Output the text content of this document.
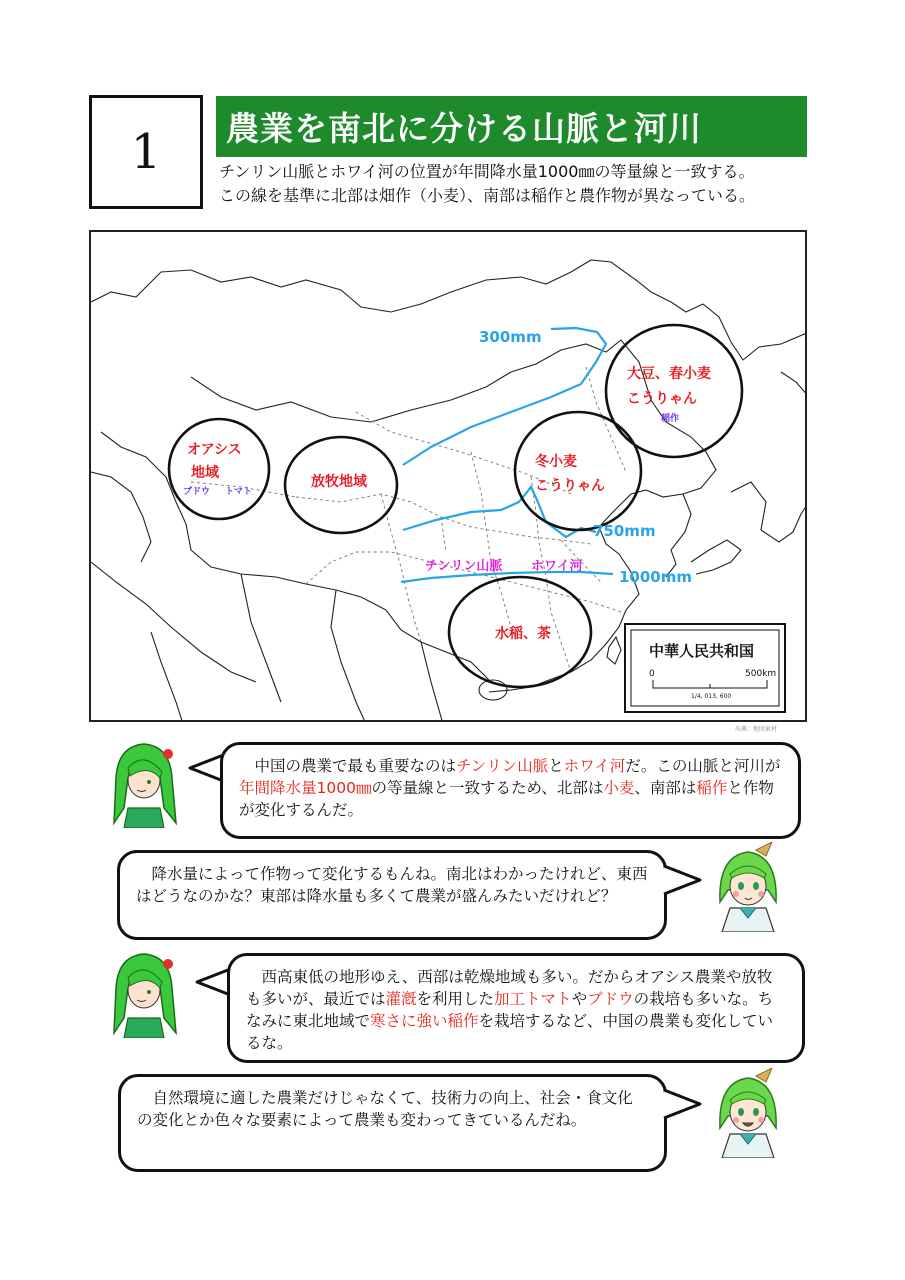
1	農業を南北に分ける山脈と河川
チンリン山脈とホワイ河の位置が年間降水量1000㎜の等量線と一致する。
この線を基準に北部は畑作（小麦）、南部は稲作と農作物が異なっている。
中華人民共和国
0	500km
1/4, 013, 600
300mm
750mm
1000mm
オアシス
地域
ブドウ トマト
放牧地域
大豆、春小麦
こうりゃん
稲作
冬小麦
こうりゃん
水稲、茶
チンリン山脈 ホワイ河
出典：地図素材

中国の農業で最も重要なのはチンリン山脈とホワイ河だ。この山脈と河川が年間降水量1000㎜の等量線と一致するため、北部は小麦、南部は稲作と作物が変化するんだ。

降水量によって作物って変化するもんね。南北はわかったけれど、東西はどうなのかな？東部は降水量も多くて農業が盛んみたいだけれど？

西高東低の地形ゆえ、西部は乾燥地域も多い。だからオアシス農業や放牧も多いが、最近では灌漑を利用した加工トマトやブドウの栽培も多いな。ちなみに東北地域で寒さに強い稲作を栽培するなど、中国の農業も変化しているな。

自然環境に適した農業だけじゃなくて、技術力の向上、社会・食文化の変化とか色々な要素によって農業も変わってきているんだね。
